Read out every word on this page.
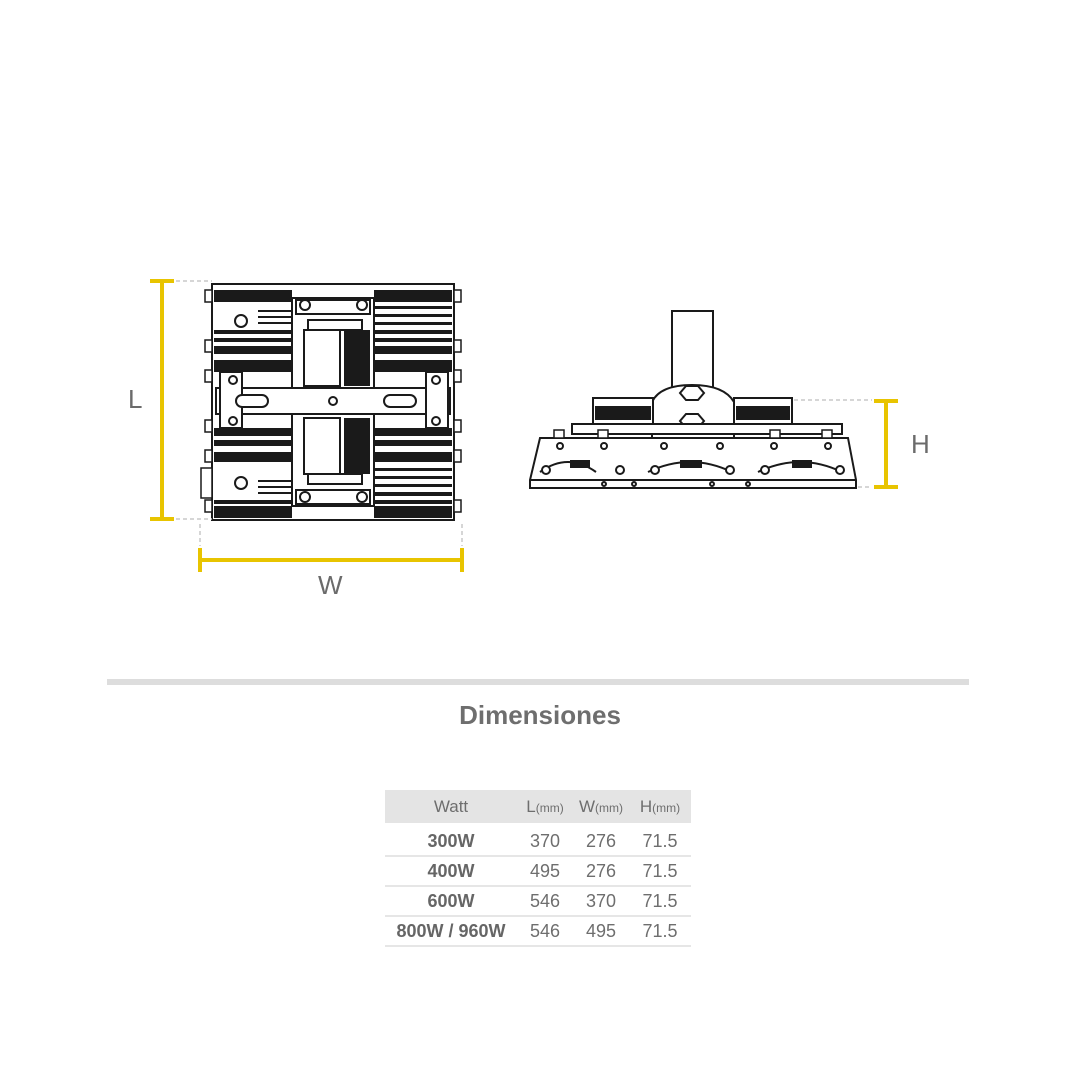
L
W
H
Dimensiones
Watt	L(mm)	W(mm)	H(mm)
300W	370	276	71.5
400W	495	276	71.5
600W	546	370	71.5
800W / 960W	546	495	71.5
